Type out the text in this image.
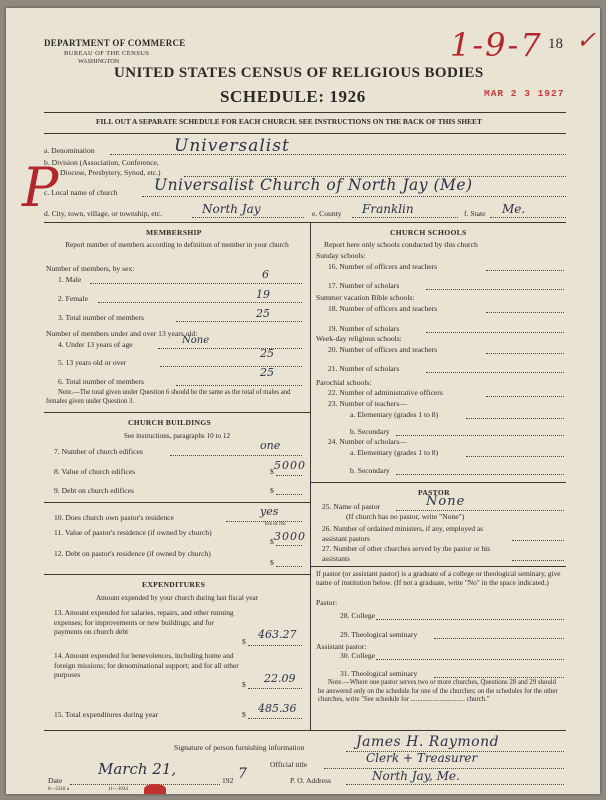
DEPARTMENT OF COMMERCE
BUREAU OF THE CENSUS
WASHINGTON	1-9-7 18 ✓
UNITED STATES CENSUS OF RELIGIOUS BODIES
SCHEDULE: 1926	MAR 2 3 1927
FILL OUT A SEPARATE SCHEDULE FOR EACH CHURCH. SEE INSTRUCTIONS ON THE BACK OF THIS SHEET
a. Denomination	Universalist
b. Division (Association, Conference,
Diocese, Presbytery, Synod, etc.)
c. Local name of church Universalist Church of North Jay (Me)
d. City, town, village, or township, etc.	North Jay	e. County Franklin	f. State Me.
P
MEMBERSHIP
Report number of members according to definition of member in your church
Number of members, by sex:
1. Male	6
2. Female	19
3. Total number of members	25
Number of members under and over 13 years old:
4. Under 13 years of age	None
5. 13 years old or over
25
6. Total number of members
25
Note.—The total given under Question 6 should be the same as the total of males and females given under Question 3.
CHURCH BUILDINGS
See instructions, paragraphs 10 to 12
7. Number of church edifices	one
8. Value of church edifices	$ 5000
9. Debt on church edifices	$
10. Does church own pastor's residence	yes
Yes or No
11. Value of pastor's residence (if owned by church)
$ 3000
12. Debt on pastor's residence (if owned by church)
$
EXPENDITURES
Amount expended by your church during last fiscal year
13. Amount expended for salaries, repairs, and other running expenses; for improvements or new buildings; and for payments on church debt
$
463.27
14. Amount expended for benevolences, including home and foreign missions; for denominational support; and for all other purposes
$ 22.09
15. Total expenditures during year	$ 485.36
CHURCH SCHOOLS
Report here only schools conducted by this church
Sunday schools:
16. Number of officers and teachers
17. Number of scholars
Summer vacation Bible schools:
18. Number of officers and teachers
19. Number of scholars
Week-day religious schools:
20. Number of officers and teachers
21. Number of scholars
Parochial schools:
22. Number of administrative officers
23. Number of teachers—
a. Elementary (grades 1 to 8)
b. Secondary
24. Number of scholars—
a. Elementary (grades 1 to 8)
b. Secondary
PASTOR
25. Name of pastor	None
(If church has no pastor, write "None")
26. Number of ordained ministers, if any, employed as assistant pastors
27. Number of other churches served by the pastor or his assistants
If pastor (or assistant pastor) is a graduate of a college or theological seminary, give name of institution below. (If not a graduate, write "No" in the space indicated.)
Pastor:
28. College
29. Theological seminary
Assistant pastor:
30. College
31. Theological seminary
Note.—Where one pastor serves two or more churches, Questions 28 and 29 should be answered only on the schedule for one of the churches; on the schedules for the other churches, write "See schedule for ................................ church."
Signature of person furnishing information	James H. Raymond
Official title	Clerk + Treasurer
Date
March 21,
192 7	P. O. Address	North Jay, Me.
6—5318 a	11—1034
